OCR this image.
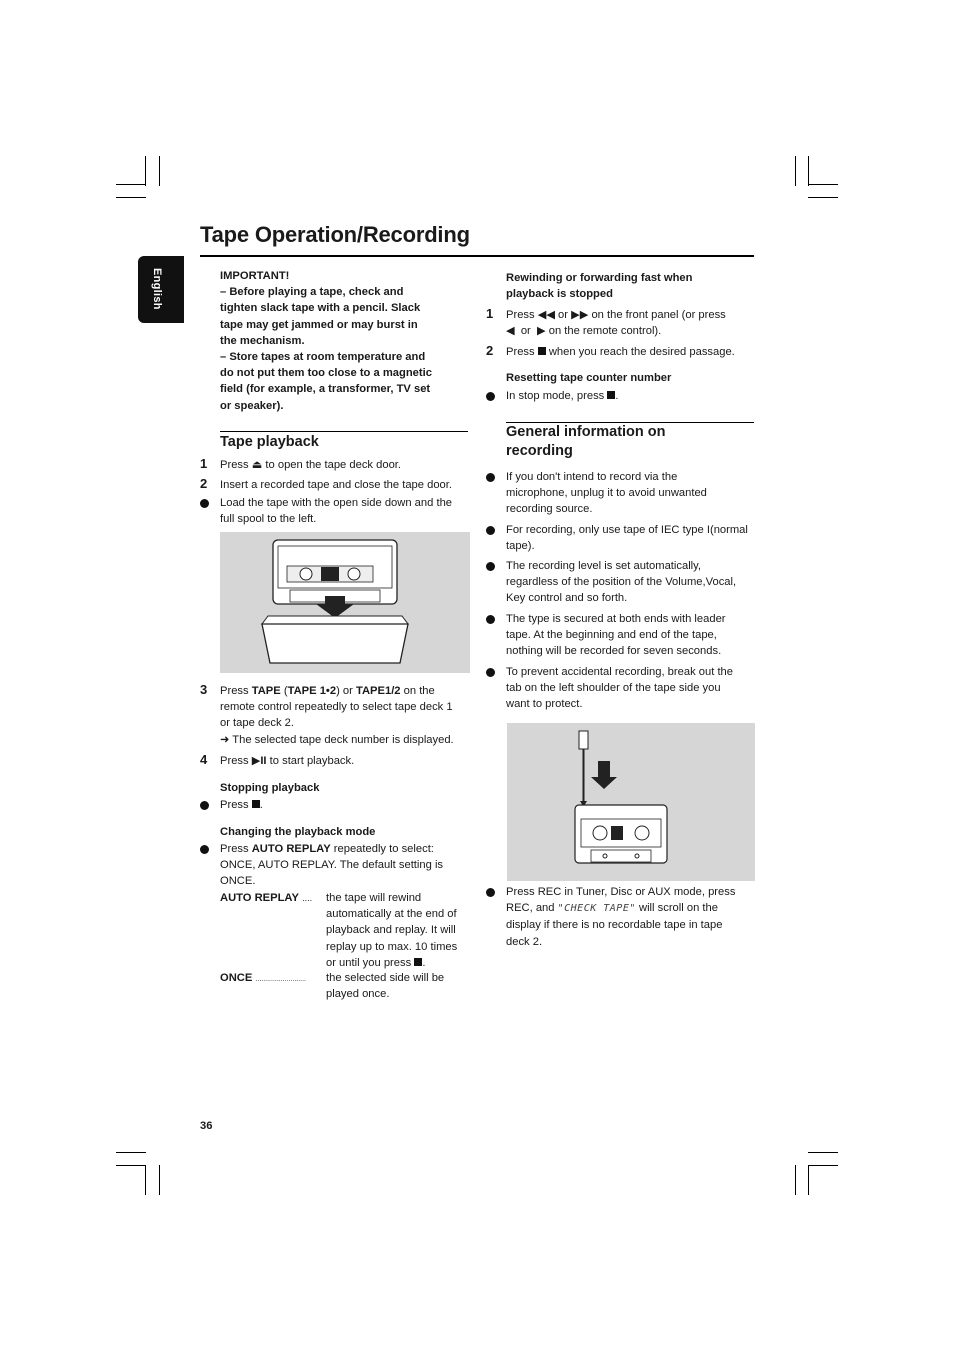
Tape Operation/Recording
English	IMPORTANT!
– Before playing a tape, check and
tighten slack tape with a pencil. Slack
tape may get jammed or may burst in
the mechanism.
– Store tapes at room temperature and
do not put them too close to a magnetic
field (for example, a transformer, TV set
or speaker).
Tape playback
1 Press ⏏ to open the tape deck door.
2 Insert a recorded tape and close the tape door.
Load the tape with the open side down and the
full spool to the left.
3 Press TAPE (TAPE 1•2) or TAPE1/2 on the
remote control repeatedly to select tape deck 1
or tape deck 2.
➜ The selected tape deck number is displayed.
4 Press ▶II to start playback.
Stopping playback
Press .
Changing the playback mode
Press AUTO REPLAY repeatedly to select:
ONCE, AUTO REPLAY. The default setting is
ONCE.
AUTO REPLAY .... the tape will rewind
automatically at the end of
playback and replay. It will
replay up to max. 10 times
or until you press .
ONCE .......................... the selected side will be
played once.
Rewinding or forwarding fast when
playback is stopped
1 Press ◀◀ or ▶▶ on the front panel (or press
◀ or ▶ on the remote control).
2 Press when you reach the desired passage.
Resetting tape counter number
In stop mode, press .
General information on
recording
If you don't intend to record via the
microphone, unplug it to avoid unwanted
recording source.
For recording, only use tape of IEC type I(normal
tape).
The recording level is set automatically,
regardless of the position of the Volume,Vocal,
Key control and so forth.
The type is secured at both ends with leader
tape. At the beginning and end of the tape,
nothing will be recorded for seven seconds.
To prevent accidental recording, break out the
tab on the left shoulder of the tape side you
want to protect.
Press REC in Tuner, Disc or AUX mode, press
REC, and "CHECK TAPE" will scroll on the
display if there is no recordable tape in tape
deck 2.
36
